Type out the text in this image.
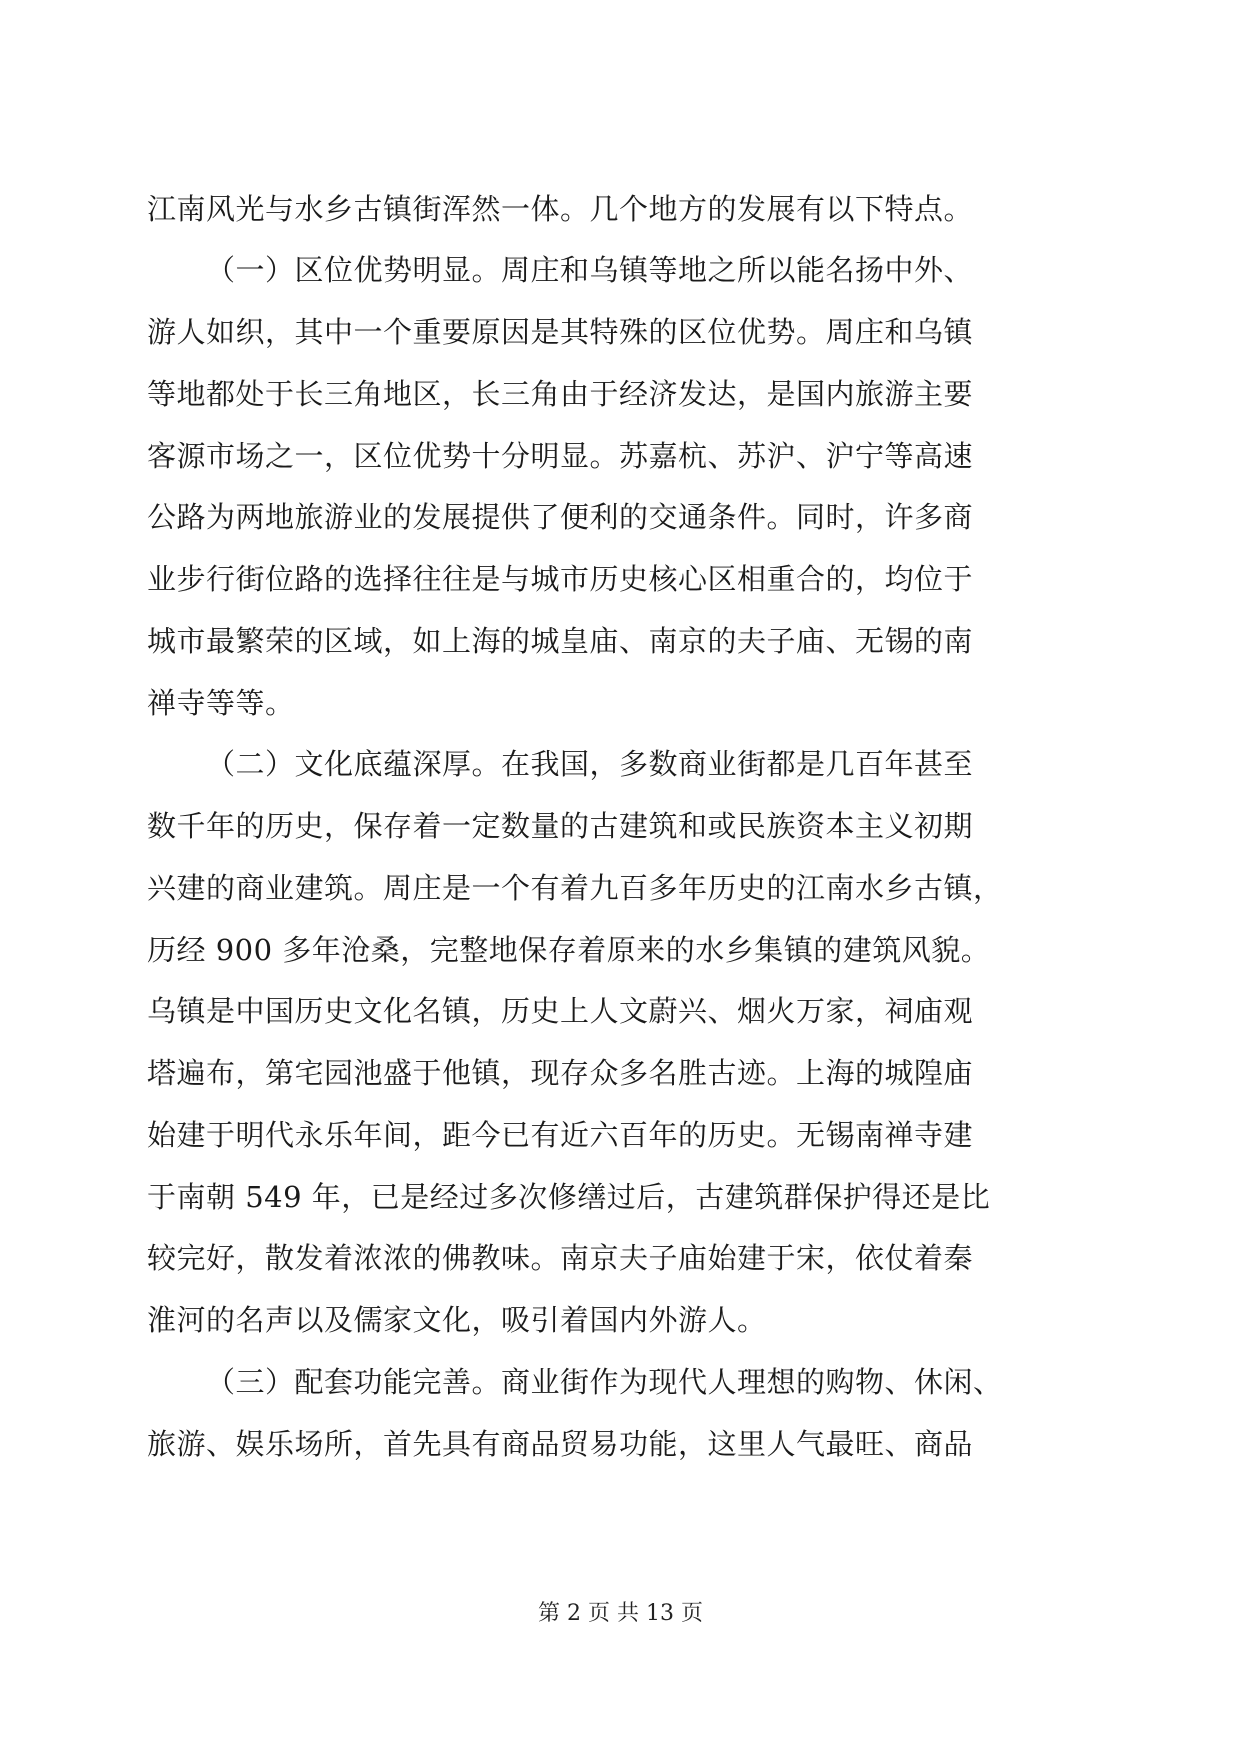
江南风光与水乡古镇街浑然一体。几个地方的发展有以下特点。
（一）区位优势明显。周庄和乌镇等地之所以能名扬中外、
游人如织，其中一个重要原因是其特殊的区位优势。周庄和乌镇
等地都处于长三角地区，长三角由于经济发达，是国内旅游主要
客源市场之一，区位优势十分明显。苏嘉杭、苏沪、沪宁等高速
公路为两地旅游业的发展提供了便利的交通条件。同时，许多商
业步行街位路的选择往往是与城市历史核心区相重合的，均位于
城市最繁荣的区域，如上海的城皇庙、南京的夫子庙、无锡的南
禅寺等等。
（二）文化底蕴深厚。在我国，多数商业街都是几百年甚至
数千年的历史，保存着一定数量的古建筑和或民族资本主义初期
兴建的商业建筑。周庄是一个有着九百多年历史的江南水乡古镇，
历经 900 多年沧桑，完整地保存着原来的水乡集镇的建筑风貌。
乌镇是中国历史文化名镇，历史上人文蔚兴、烟火万家，祠庙观
塔遍布，第宅园池盛于他镇，现存众多名胜古迹。上海的城隍庙
始建于明代永乐年间，距今已有近六百年的历史。无锡南禅寺建
于南朝 549 年，已是经过多次修缮过后，古建筑群保护得还是比
较完好，散发着浓浓的佛教味。南京夫子庙始建于宋，依仗着秦
淮河的名声以及儒家文化，吸引着国内外游人。
（三）配套功能完善。商业街作为现代人理想的购物、休闲、
旅游、娱乐场所，首先具有商品贸易功能，这里人气最旺、商品
第 2 页 共 13 页
